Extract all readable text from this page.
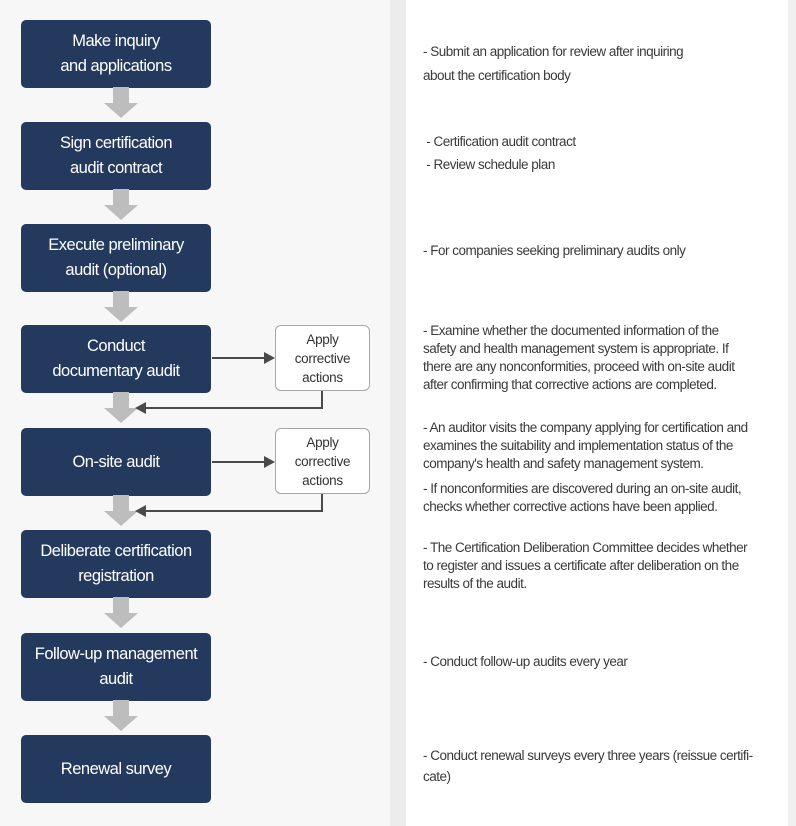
Make inquiry
and applications
Sign certification
audit contract
Execute preliminary
audit (optional)
Conduct
documentary audit
On-site audit
Deliberate certification
registration
Follow-up management
audit
Renewal survey
Apply
corrective
actions
Apply
corrective
actions
- Submit an application for review after inquiring
about the certification body
- Certification audit contract
- Review schedule plan
- For companies seeking preliminary audits only
- Examine whether the documented information of the
safety and health management system is appropriate. If
there are any nonconformities, proceed with on-site audit
after confirming that corrective actions are completed.
- An auditor visits the company applying for certification and
examines the suitability and implementation status of the
company's health and safety management system.
- If nonconformities are discovered during an on-site audit,
checks whether corrective actions have been applied.
- The Certification Deliberation Committee decides whether
to register and issues a certificate after deliberation on the
results of the audit.
- Conduct follow-up audits every year
- Conduct renewal surveys every three years (reissue certifi-
cate)
